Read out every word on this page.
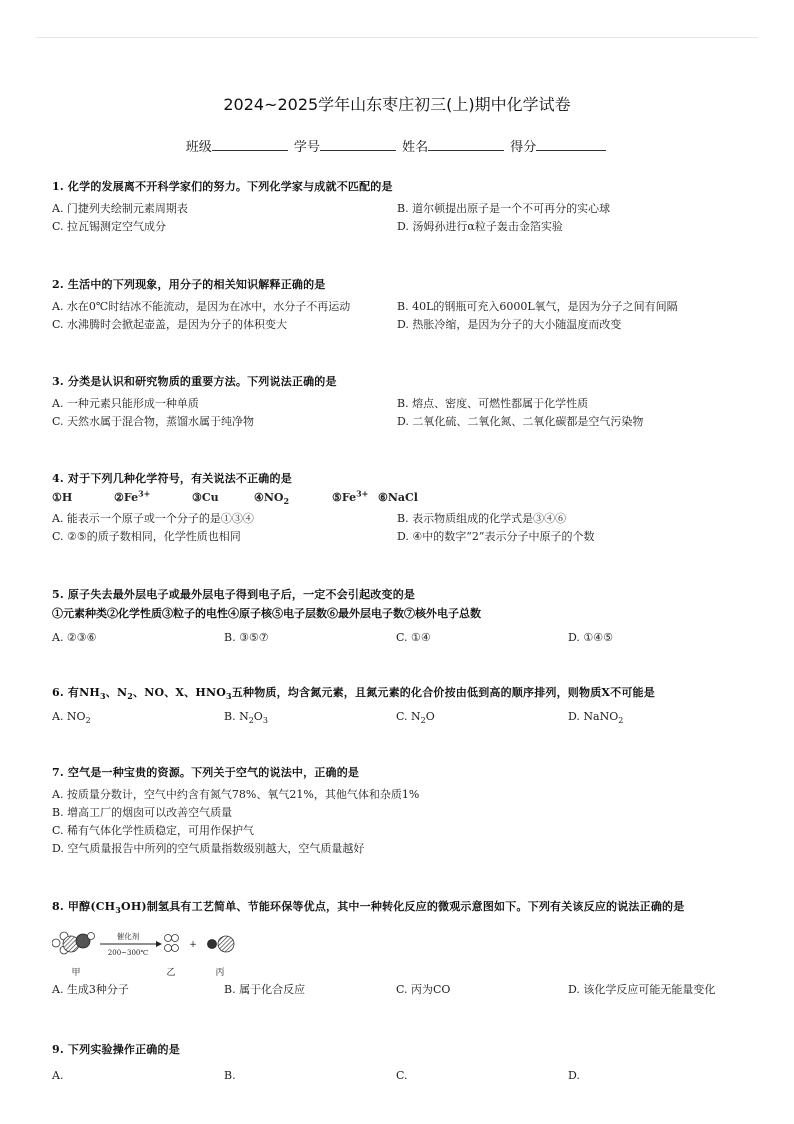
2024~2025学年山东枣庄初三(上)期中化学试卷
班级	学号	姓名	得分
1. 化学的发展离不开科学家们的努力。下列化学家与成就不匹配的是
A. 门捷列夫绘制元素周期表	B. 道尔顿提出原子是一个不可再分的实心球
C. 拉瓦锡测定空气成分	D. 汤姆孙进行α粒子轰击金箔实验
2. 生活中的下列现象，用分子的相关知识解释正确的是
A. 水在0℃时结冰不能流动，是因为在冰中，水分子不再运动	B. 40L的钢瓶可充入6000L氧气，是因为分子之间有间隔
C. 水沸腾时会掀起壶盖，是因为分子的体积变大	D. 热胀冷缩，是因为分子的大小随温度而改变
3. 分类是认识和研究物质的重要方法。下列说法正确的是
A. 一种元素只能形成一种单质	B. 熔点、密度、可燃性都属于化学性质
C. 天然水属于混合物，蒸馏水属于纯净物	D. 二氧化硫、二氧化氮、二氧化碳都是空气污染物
4. 对于下列几种化学符号，有关说法不正确的是
①H	$②Fe^{3+}$	③Cu	$④NO_2$	$⑤Fe^{3+}$ ⑥NaCl
A. 能表示一个原子或一个分子的是①③④	B. 表示物质组成的化学式是③④⑥
C. ②⑤的质子数相同，化学性质也相同	D. ④中的数字“2”表示分子中原子的个数
5. 原子失去最外层电子或最外层电子得到电子后，一定不会引起改变的是
①元素种类②化学性质③粒子的电性④原子核⑤电子层数⑥最外层电子数⑦核外电子总数
A. ②③⑥	B. ③⑤⑦	C. ①④	D. ①④⑤
6. 有$NH_3$、$N_2$、NO、X、$HNO_3$五种物质，均含氮元素，且氮元素的化合价按由低到高的顺序排列，则物质X不可能是
A. $NO_2$	B. $N_2O_3$	C. $N_2O$	D. NaNO$_2$
7. 空气是一种宝贵的资源。下列关于空气的说法中，正确的是
A. 按质量分数计，空气中约含有氮气78%、氧气21%，其他气体和杂质1%
B. 增高工厂的烟囱可以改善空气质量
C. 稀有气体化学性质稳定，可用作保护气
D. 空气质量报告中所列的空气质量指数级别越大，空气质量越好
8. 甲醇$(CH_3OH)$制氢具有工艺简单、节能环保等优点，其中一种转化反应的微观示意图如下。下列有关该反应的说法正确的是
催化剂
200~300℃
+
甲	乙	丙
A. 生成3种分子	B. 属于化合反应	C. 丙为CO	D. 该化学反应可能无能量变化
9. 下列实验操作正确的是
A.	B.	C.	D.
